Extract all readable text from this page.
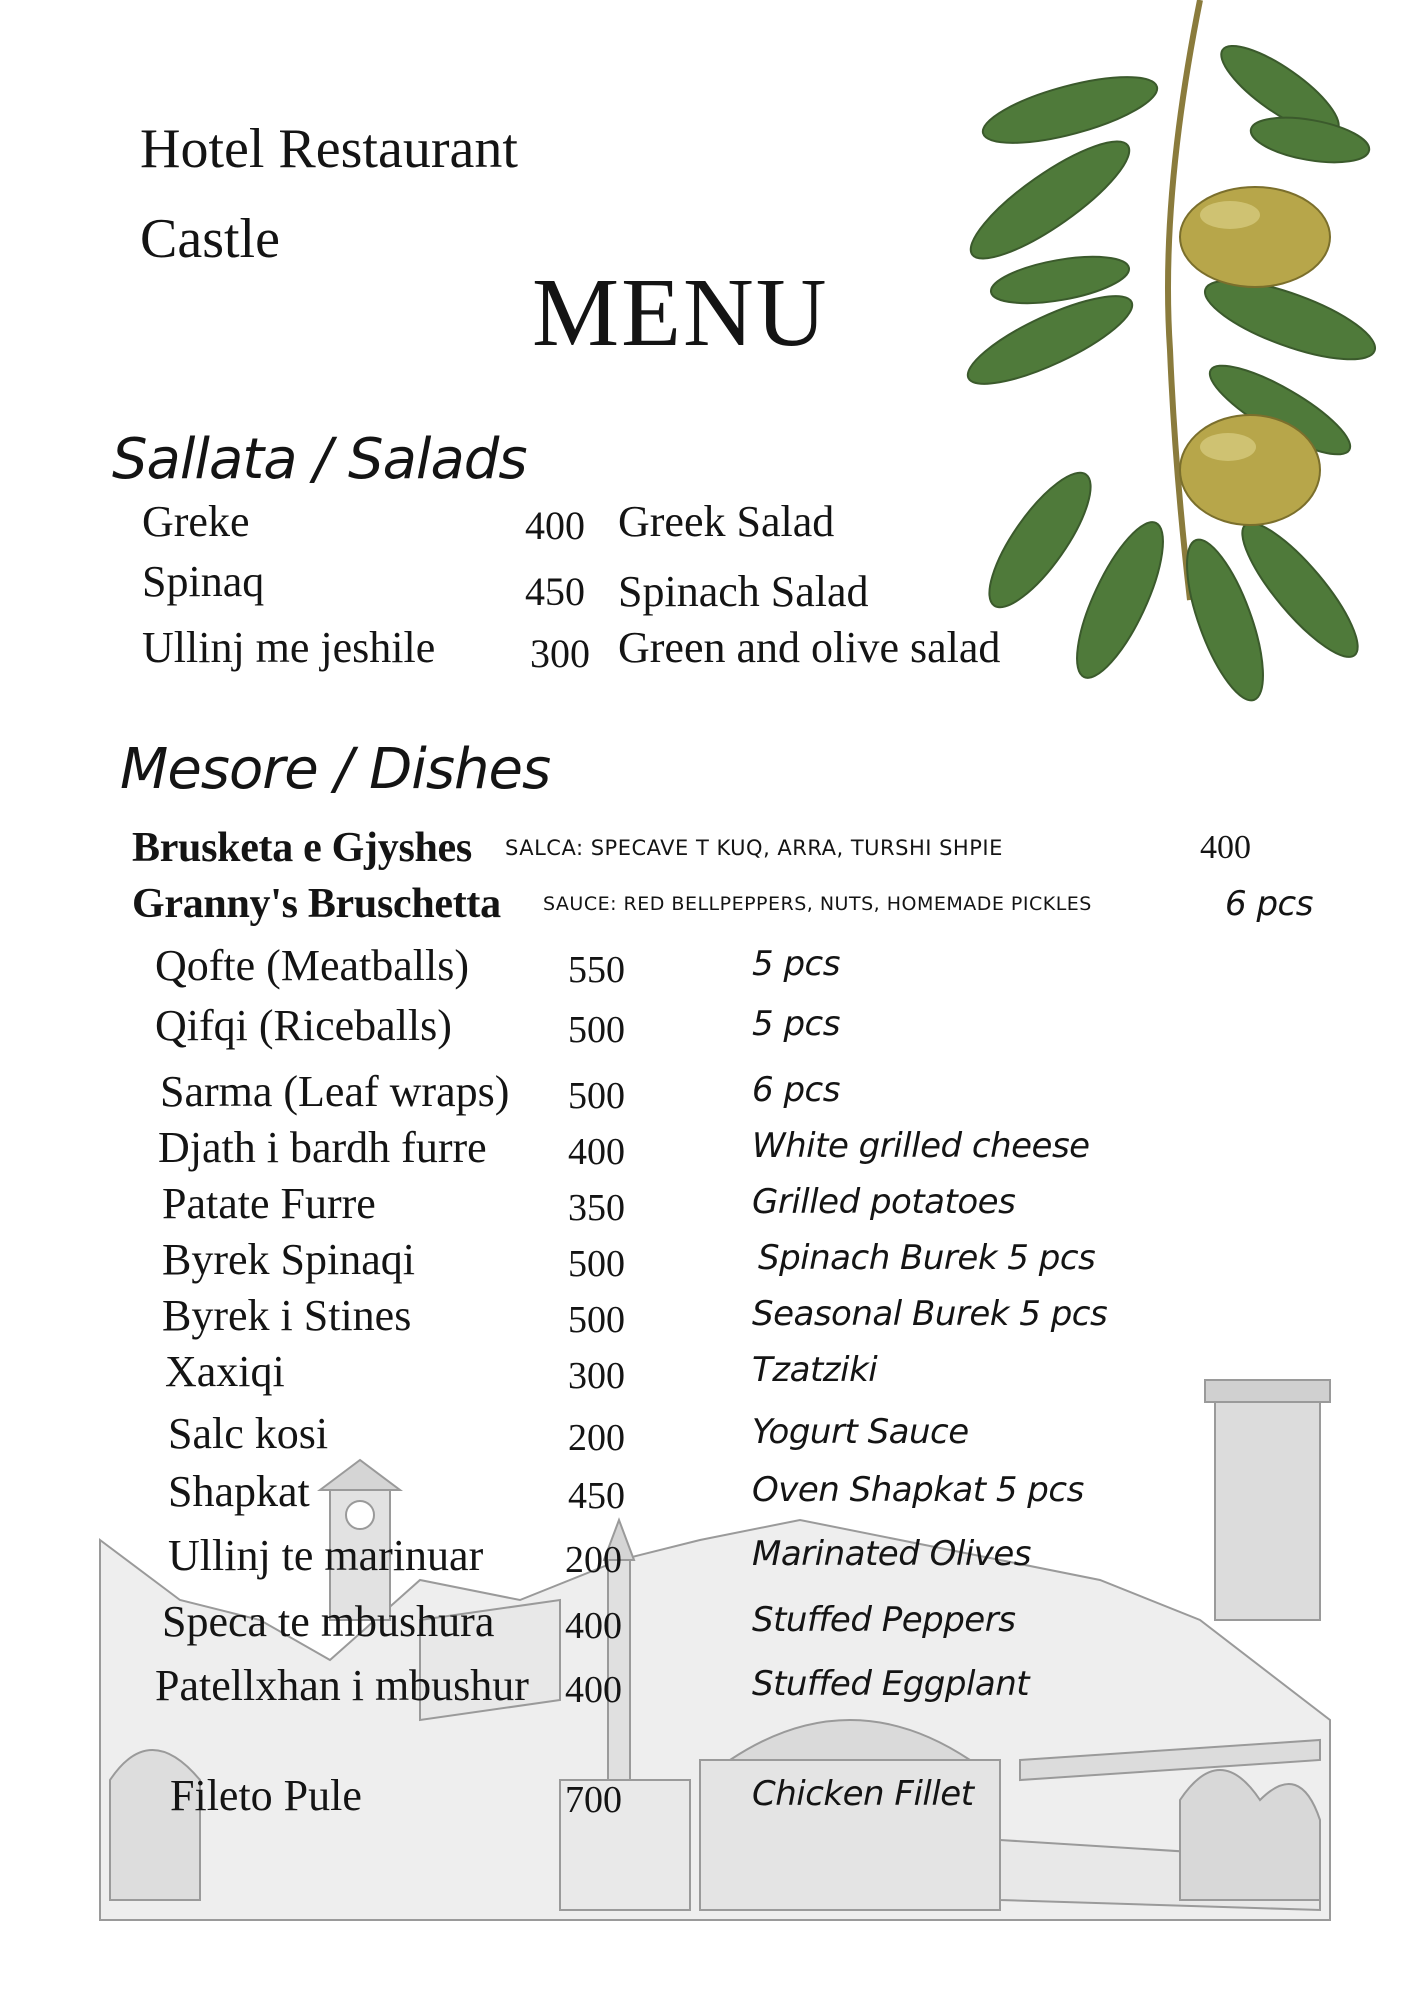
Hotel Restaurant
Castle
MENU
Sallata / Salads
Greke	400 Greek Salad
Spinaq	450 Spinach Salad
Ullinj me jeshile 300 Green and olive salad
Mesore / Dishes
Brusketa e Gjyshes SALCA: SPECAVE T KUQ, ARRA, TURSHI SHPIE	400
Granny's Bruschetta SAUCE: RED BELLPEPPERS, NUTS, HOMEMADE PICKLES	6 pcs
Qofte (Meatballs)	550	5 pcs
Qifqi (Riceballs)	500	5 pcs
Sarma (Leaf wraps) 500	6 pcs
Djath i bardh furre 400	White grilled cheese
Patate Furre	350	Grilled potatoes
Byrek Spinaqi	500	Spinach Burek 5 pcs
Byrek i Stines	500	Seasonal Burek 5 pcs
Xaxiqi	300	Tzatziki
Salc kosi	200	Yogurt Sauce
Shapkat	450	Oven Shapkat 5 pcs
Ullinj te marinuar 200	Marinated Olives
Speca te mbushura 400	Stuffed Peppers
Patellxhan i mbushur 400	Stuffed Eggplant
Fileto Pule	700	Chicken Fillet
